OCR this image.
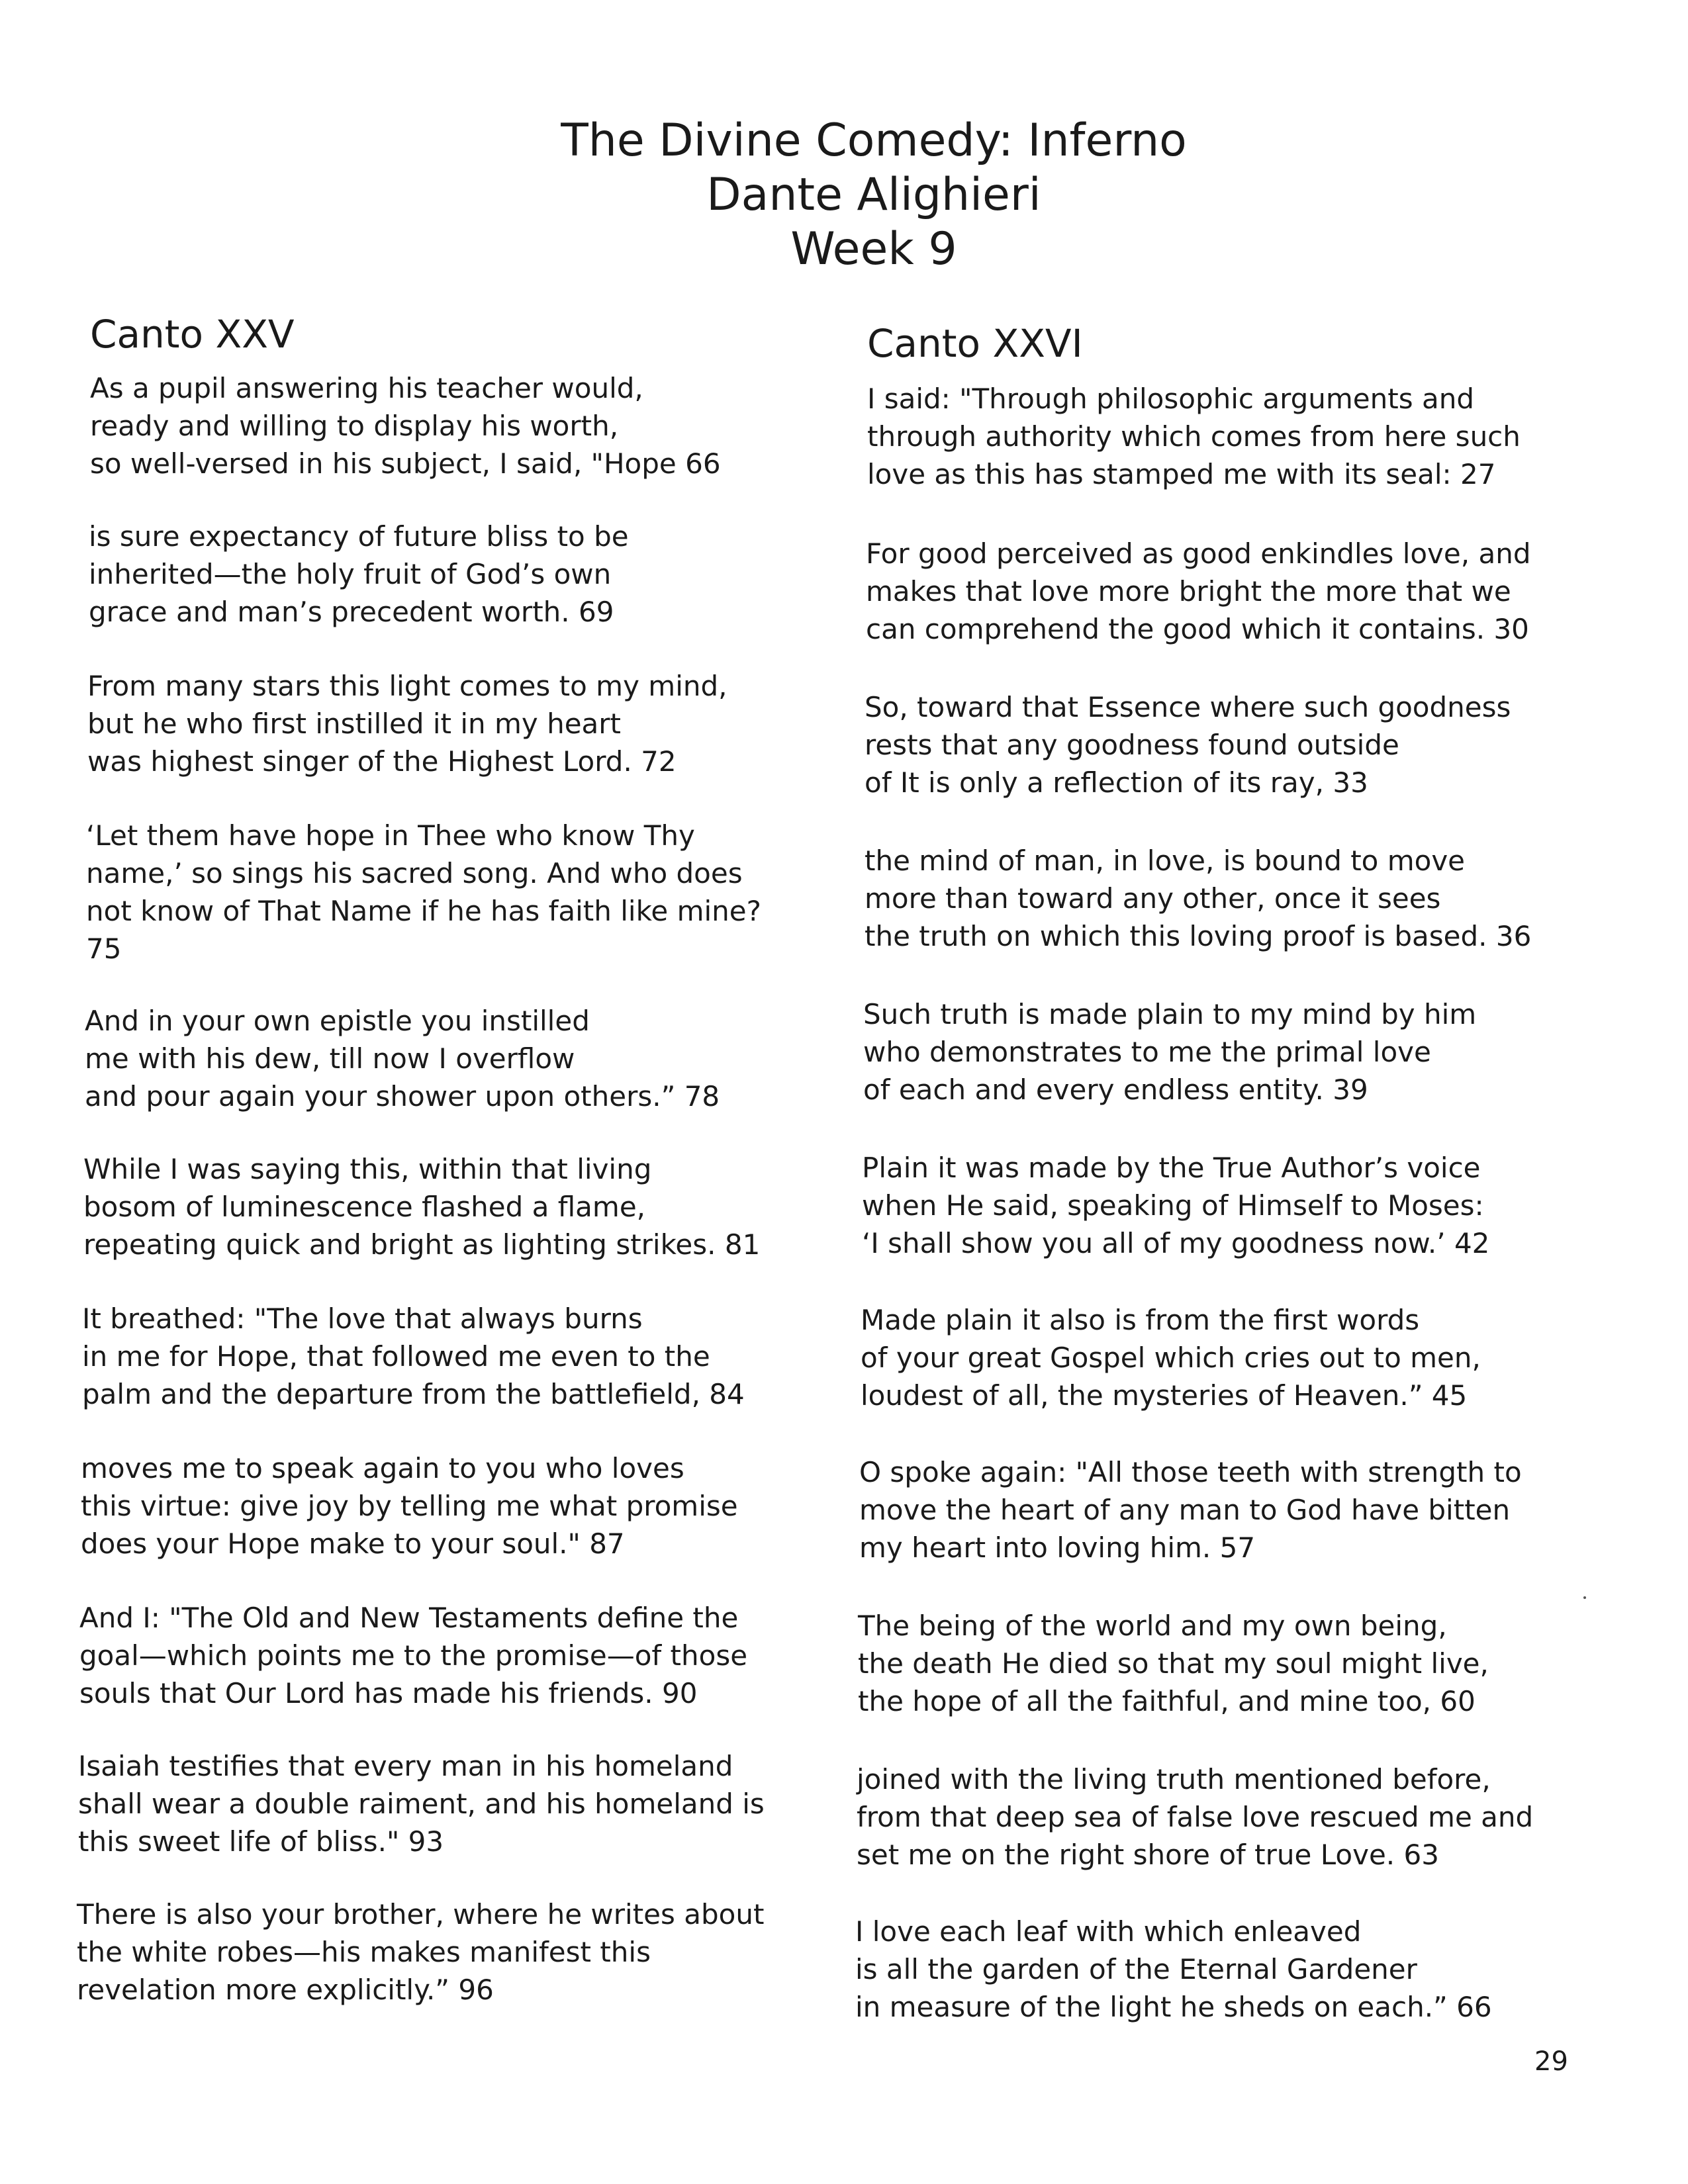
The Divine Comedy: Inferno
Dante Alighieri
Week 9
Canto XXV
As a pupil answering his teacher would,
ready and willing to display his worth,
so well-versed in his subject, I said, "Hope 66
is sure expectancy of future bliss to be
inherited—the holy fruit of God’s own
grace and man’s precedent worth. 69
From many stars this light comes to my mind,
but he who first instilled it in my heart
was highest singer of the Highest Lord. 72
‘Let them have hope in Thee who know Thy
name,’ so sings his sacred song. And who does
not know of That Name if he has faith like mine?
75
And in your own epistle you instilled
me with his dew, till now I overflow
and pour again your shower upon others.” 78
While I was saying this, within that living
bosom of luminescence flashed a flame,
repeating quick and bright as lighting strikes. 81
It breathed: "The love that always burns
in me for Hope, that followed me even to the
palm and the departure from the battlefield, 84
moves me to speak again to you who loves
this virtue: give joy by telling me what promise
does your Hope make to your soul." 87
And I: "The Old and New Testaments define the
goal—which points me to the promise—of those
souls that Our Lord has made his friends. 90
Isaiah testifies that every man in his homeland
shall wear a double raiment, and his homeland is
this sweet life of bliss." 93
There is also your brother, where he writes about
the white robes—his makes manifest this
revelation more explicitly.” 96
Canto XXVI
I said: "Through philosophic arguments and
through authority which comes from here such
love as this has stamped me with its seal: 27
For good perceived as good enkindles love, and
makes that love more bright the more that we
can comprehend the good which it contains. 30
So, toward that Essence where such goodness
rests that any goodness found outside
of It is only a reflection of its ray, 33
the mind of man, in love, is bound to move
more than toward any other, once it sees
the truth on which this loving proof is based. 36
Such truth is made plain to my mind by him
who demonstrates to me the primal love
of each and every endless entity. 39
Plain it was made by the True Author’s voice
when He said, speaking of Himself to Moses:
‘I shall show you all of my goodness now.’ 42
Made plain it also is from the first words
of your great Gospel which cries out to men,
loudest of all, the mysteries of Heaven.” 45
O spoke again: "All those teeth with strength to
move the heart of any man to God have bitten
my heart into loving him. 57
The being of the world and my own being,
the death He died so that my soul might live,
the hope of all the faithful, and mine too, 60
joined with the living truth mentioned before,
from that deep sea of false love rescued me and
set me on the right shore of true Love. 63
I love each leaf with which enleaved
is all the garden of the Eternal Gardener
in measure of the light he sheds on each.” 66
29
